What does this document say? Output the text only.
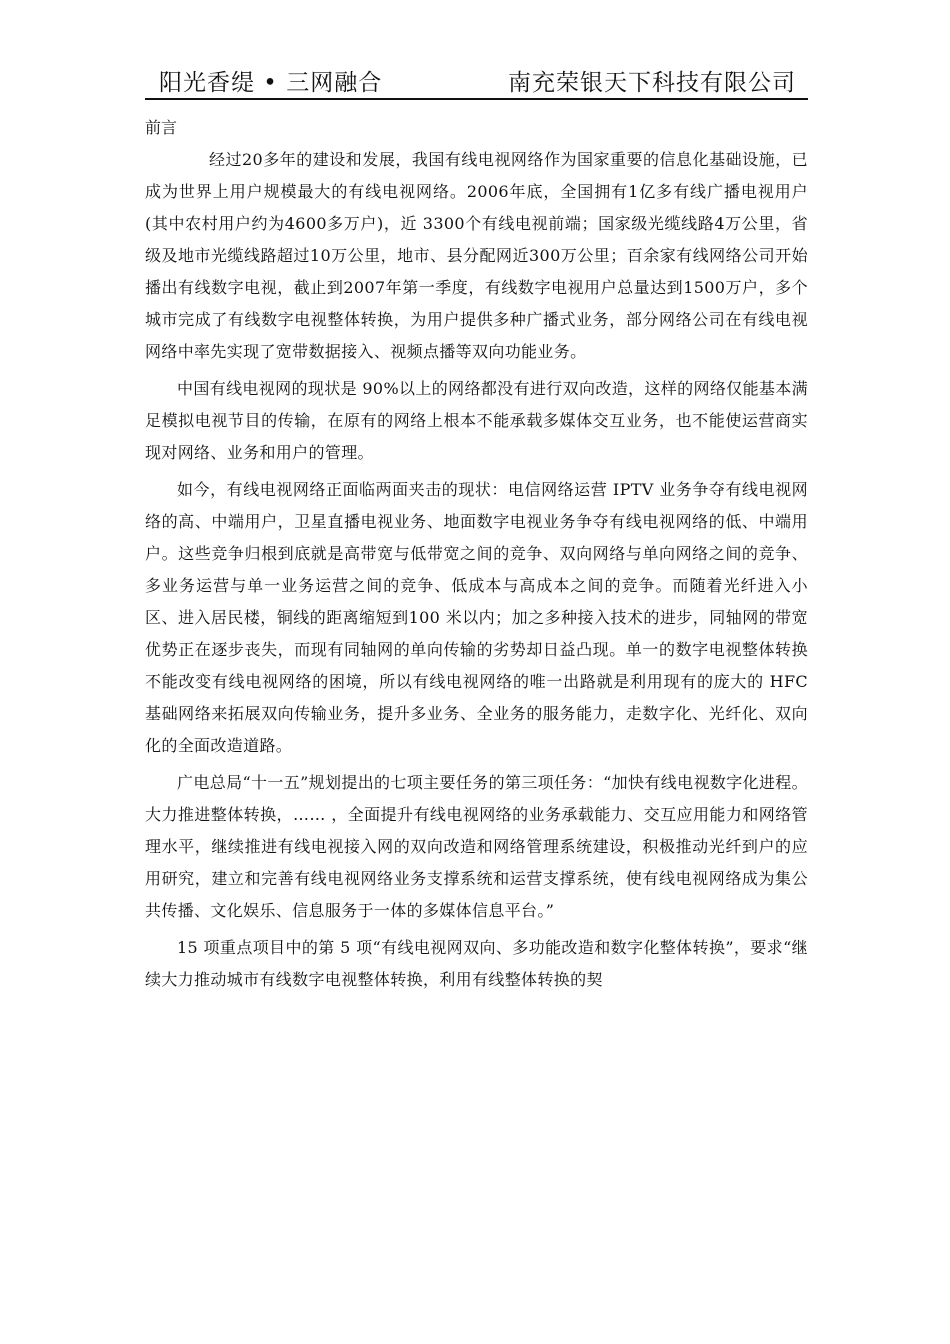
阳光香缇 • 三网融合	南充荣银天下科技有限公司

前言

经过20多年的建设和发展，我国有线电视网络作为国家重要的信息化基础设施，已成为世界上用户规模最大的有线电视网络。2006年底，全国拥有1亿多有线广播电视用户(其中农村用户约为4600多万户)，近 3300个有线电视前端；国家级光缆线路4万公里，省级及地市光缆线路超过10万公里，地市、县分配网近300万公里；百余家有线网络公司开始播出有线数字电视，截止到2007年第一季度，有线数字电视用户总量达到1500万户，多个城市完成了有线数字电视整体转换，为用户提供多种广播式业务，部分网络公司在有线电视网络中率先实现了宽带数据接入、视频点播等双向功能业务。

中国有线电视网的现状是 90%以上的网络都没有进行双向改造，这样的网络仅能基本满足模拟电视节目的传输，在原有的网络上根本不能承载多媒体交互业务，也不能使运营商实现对网络、业务和用户的管理。

如今，有线电视网络正面临两面夹击的现状：电信网络运营 IPTV 业务争夺有线电视网络的高、中端用户，卫星直播电视业务、地面数字电视业务争夺有线电视网络的低、中端用户。这些竞争归根到底就是高带宽与低带宽之间的竞争、双向网络与单向网络之间的竞争、多业务运营与单一业务运营之间的竞争、低成本与高成本之间的竞争。而随着光纤进入小区、进入居民楼，铜线的距离缩短到100 米以内；加之多种接入技术的进步，同轴网的带宽优势正在逐步丧失，而现有同轴网的单向传输的劣势却日益凸现。单一的数字电视整体转换不能改变有线电视网络的困境，所以有线电视网络的唯一出路就是利用现有的庞大的 HFC 基础网络来拓展双向传输业务，提升多业务、全业务的服务能力，走数字化、光纤化、双向化的全面改造道路。

广电总局“十一五”规划提出的七项主要任务的第三项任务：“加快有线电视数字化进程。大力推进整体转换，…… ，全面提升有线电视网络的业务承载能力、交互应用能力和网络管理水平，继续推进有线电视接入网的双向改造和网络管理系统建设，积极推动光纤到户的应用研究，建立和完善有线电视网络业务支撑系统和运营支撑系统，使有线电视网络成为集公共传播、文化娱乐、信息服务于一体的多媒体信息平台。”

15 项重点项目中的第 5 项“有线电视网双向、多功能改造和数字化整体转换”，要求“继续大力推动城市有线数字电视整体转换，利用有线整体转换的契
